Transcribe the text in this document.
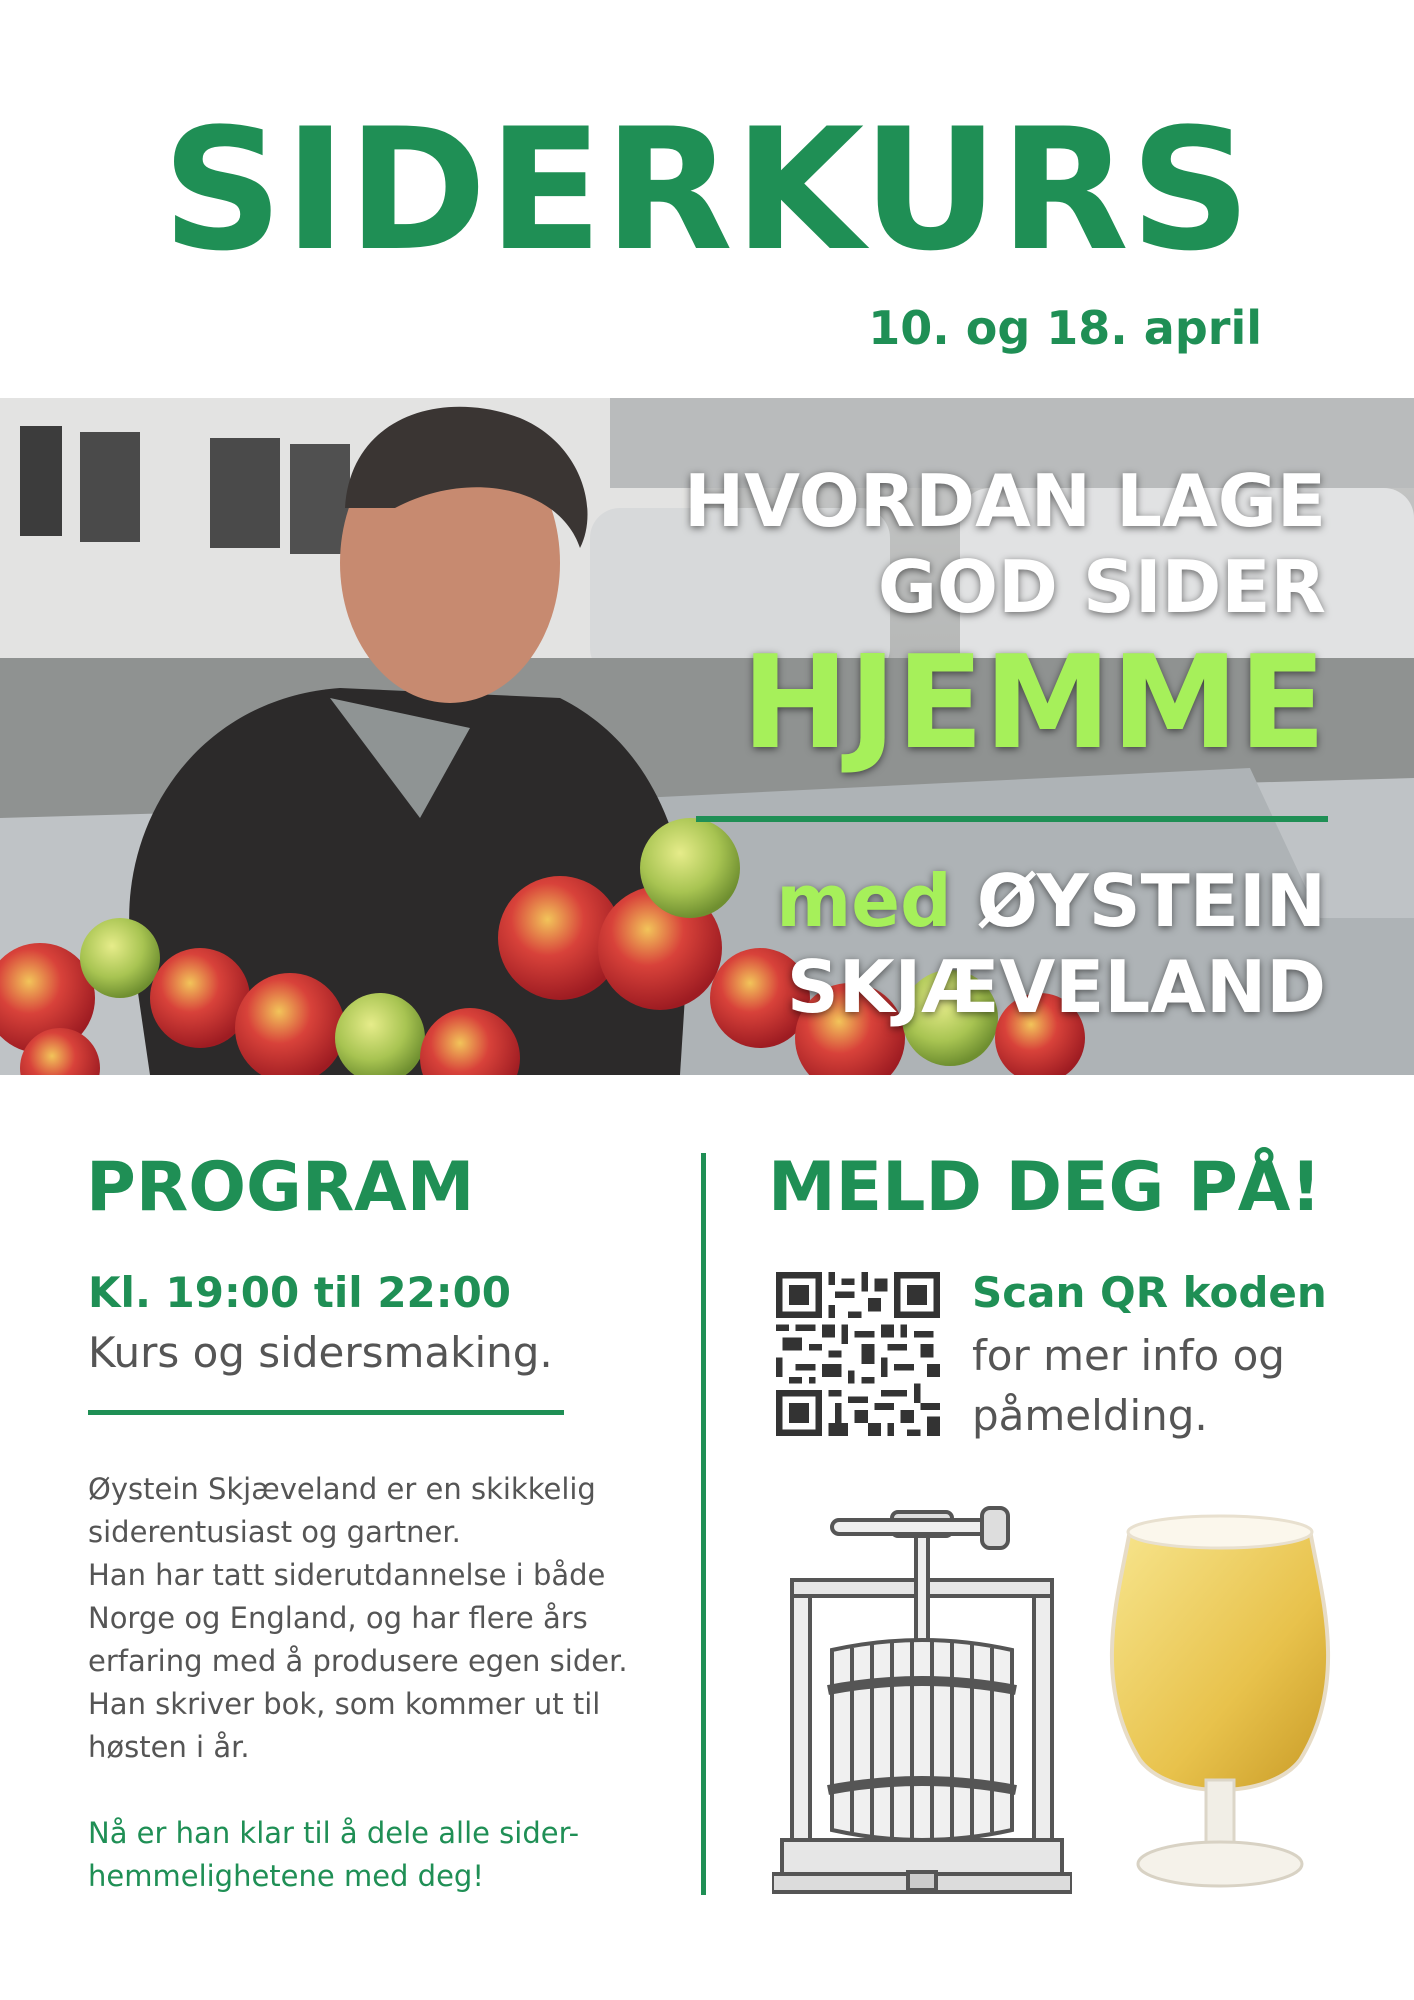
SIDERKURS
10. og 18. april
HVORDAN LAGE
GOD SIDER
HJEMME
med ØYSTEIN
SKJÆVELAND
PROGRAM
Kl. 19:00 til 22:00
Kurs og sidersmaking.

Øystein Skjæveland er en skikkelig

siderentusiast og gartner.

Han har tatt siderutdannelse i både

Norge og England, og har flere års

erfaring med å produsere egen sider.

Han skriver bok, som kommer ut til

høsten i år.

Nå er han klar til å dele alle sider-

hemmelighetene med deg!

MELD DEG PÅ!
Scan QR koden
for mer info og
påmelding.
